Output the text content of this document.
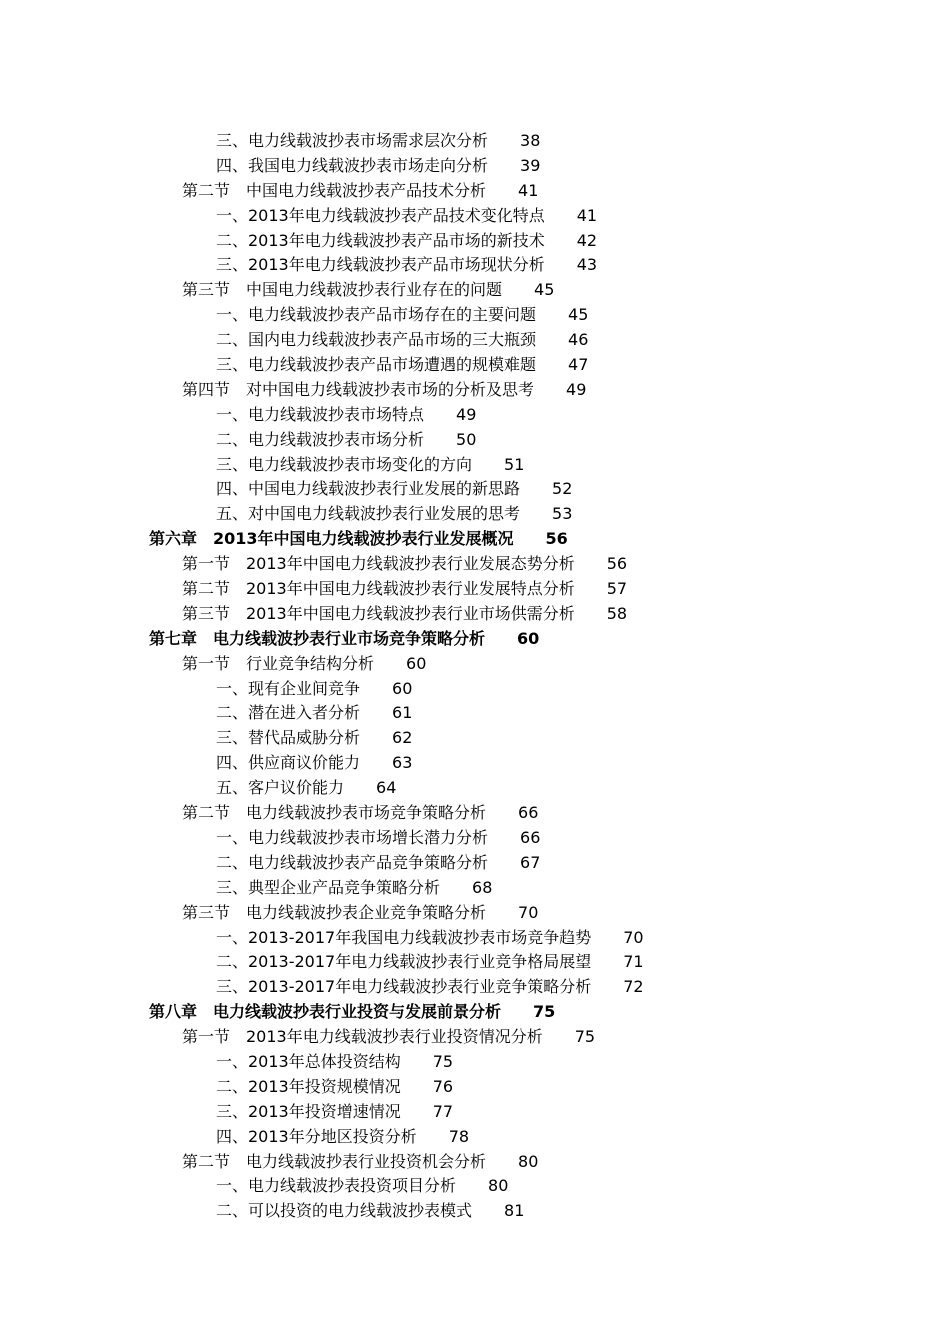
三、电力线载波抄表市场需求层次分析 38
四、我国电力线载波抄表市场走向分析 39
第二节　中国电力线载波抄表产品技术分析 41
一、2013年电力线载波抄表产品技术变化特点 41
二、2013年电力线载波抄表产品市场的新技术 42
三、2013年电力线载波抄表产品市场现状分析 43
第三节　中国电力线载波抄表行业存在的问题 45
一、电力线载波抄表产品市场存在的主要问题 45
二、国内电力线载波抄表产品市场的三大瓶颈 46
三、电力线载波抄表产品市场遭遇的规模难题 47
第四节　对中国电力线载波抄表市场的分析及思考 49
一、电力线载波抄表市场特点 49
二、电力线载波抄表市场分析 50
三、电力线载波抄表市场变化的方向 51
四、中国电力线载波抄表行业发展的新思路 52
五、对中国电力线载波抄表行业发展的思考 53
第六章　2013年中国电力线载波抄表行业发展概况 56
第一节　2013年中国电力线载波抄表行业发展态势分析 56
第二节　2013年中国电力线载波抄表行业发展特点分析 57
第三节　2013年中国电力线载波抄表行业市场供需分析 58
第七章　电力线载波抄表行业市场竞争策略分析 60
第一节　行业竞争结构分析 60
一、现有企业间竞争 60
二、潜在进入者分析 61
三、替代品威胁分析 62
四、供应商议价能力 63
五、客户议价能力 64
第二节　电力线载波抄表市场竞争策略分析 66
一、电力线载波抄表市场增长潜力分析 66
二、电力线载波抄表产品竞争策略分析 67
三、典型企业产品竞争策略分析 68
第三节　电力线载波抄表企业竞争策略分析 70
一、2013-2017年我国电力线载波抄表市场竞争趋势 70
二、2013-2017年电力线载波抄表行业竞争格局展望 71
三、2013-2017年电力线载波抄表行业竞争策略分析 72
第八章　电力线载波抄表行业投资与发展前景分析 75
第一节　2013年电力线载波抄表行业投资情况分析 75
一、2013年总体投资结构 75
二、2013年投资规模情况 76
三、2013年投资增速情况 77
四、2013年分地区投资分析 78
第二节　电力线载波抄表行业投资机会分析 80
一、电力线载波抄表投资项目分析 80
二、可以投资的电力线载波抄表模式 81
